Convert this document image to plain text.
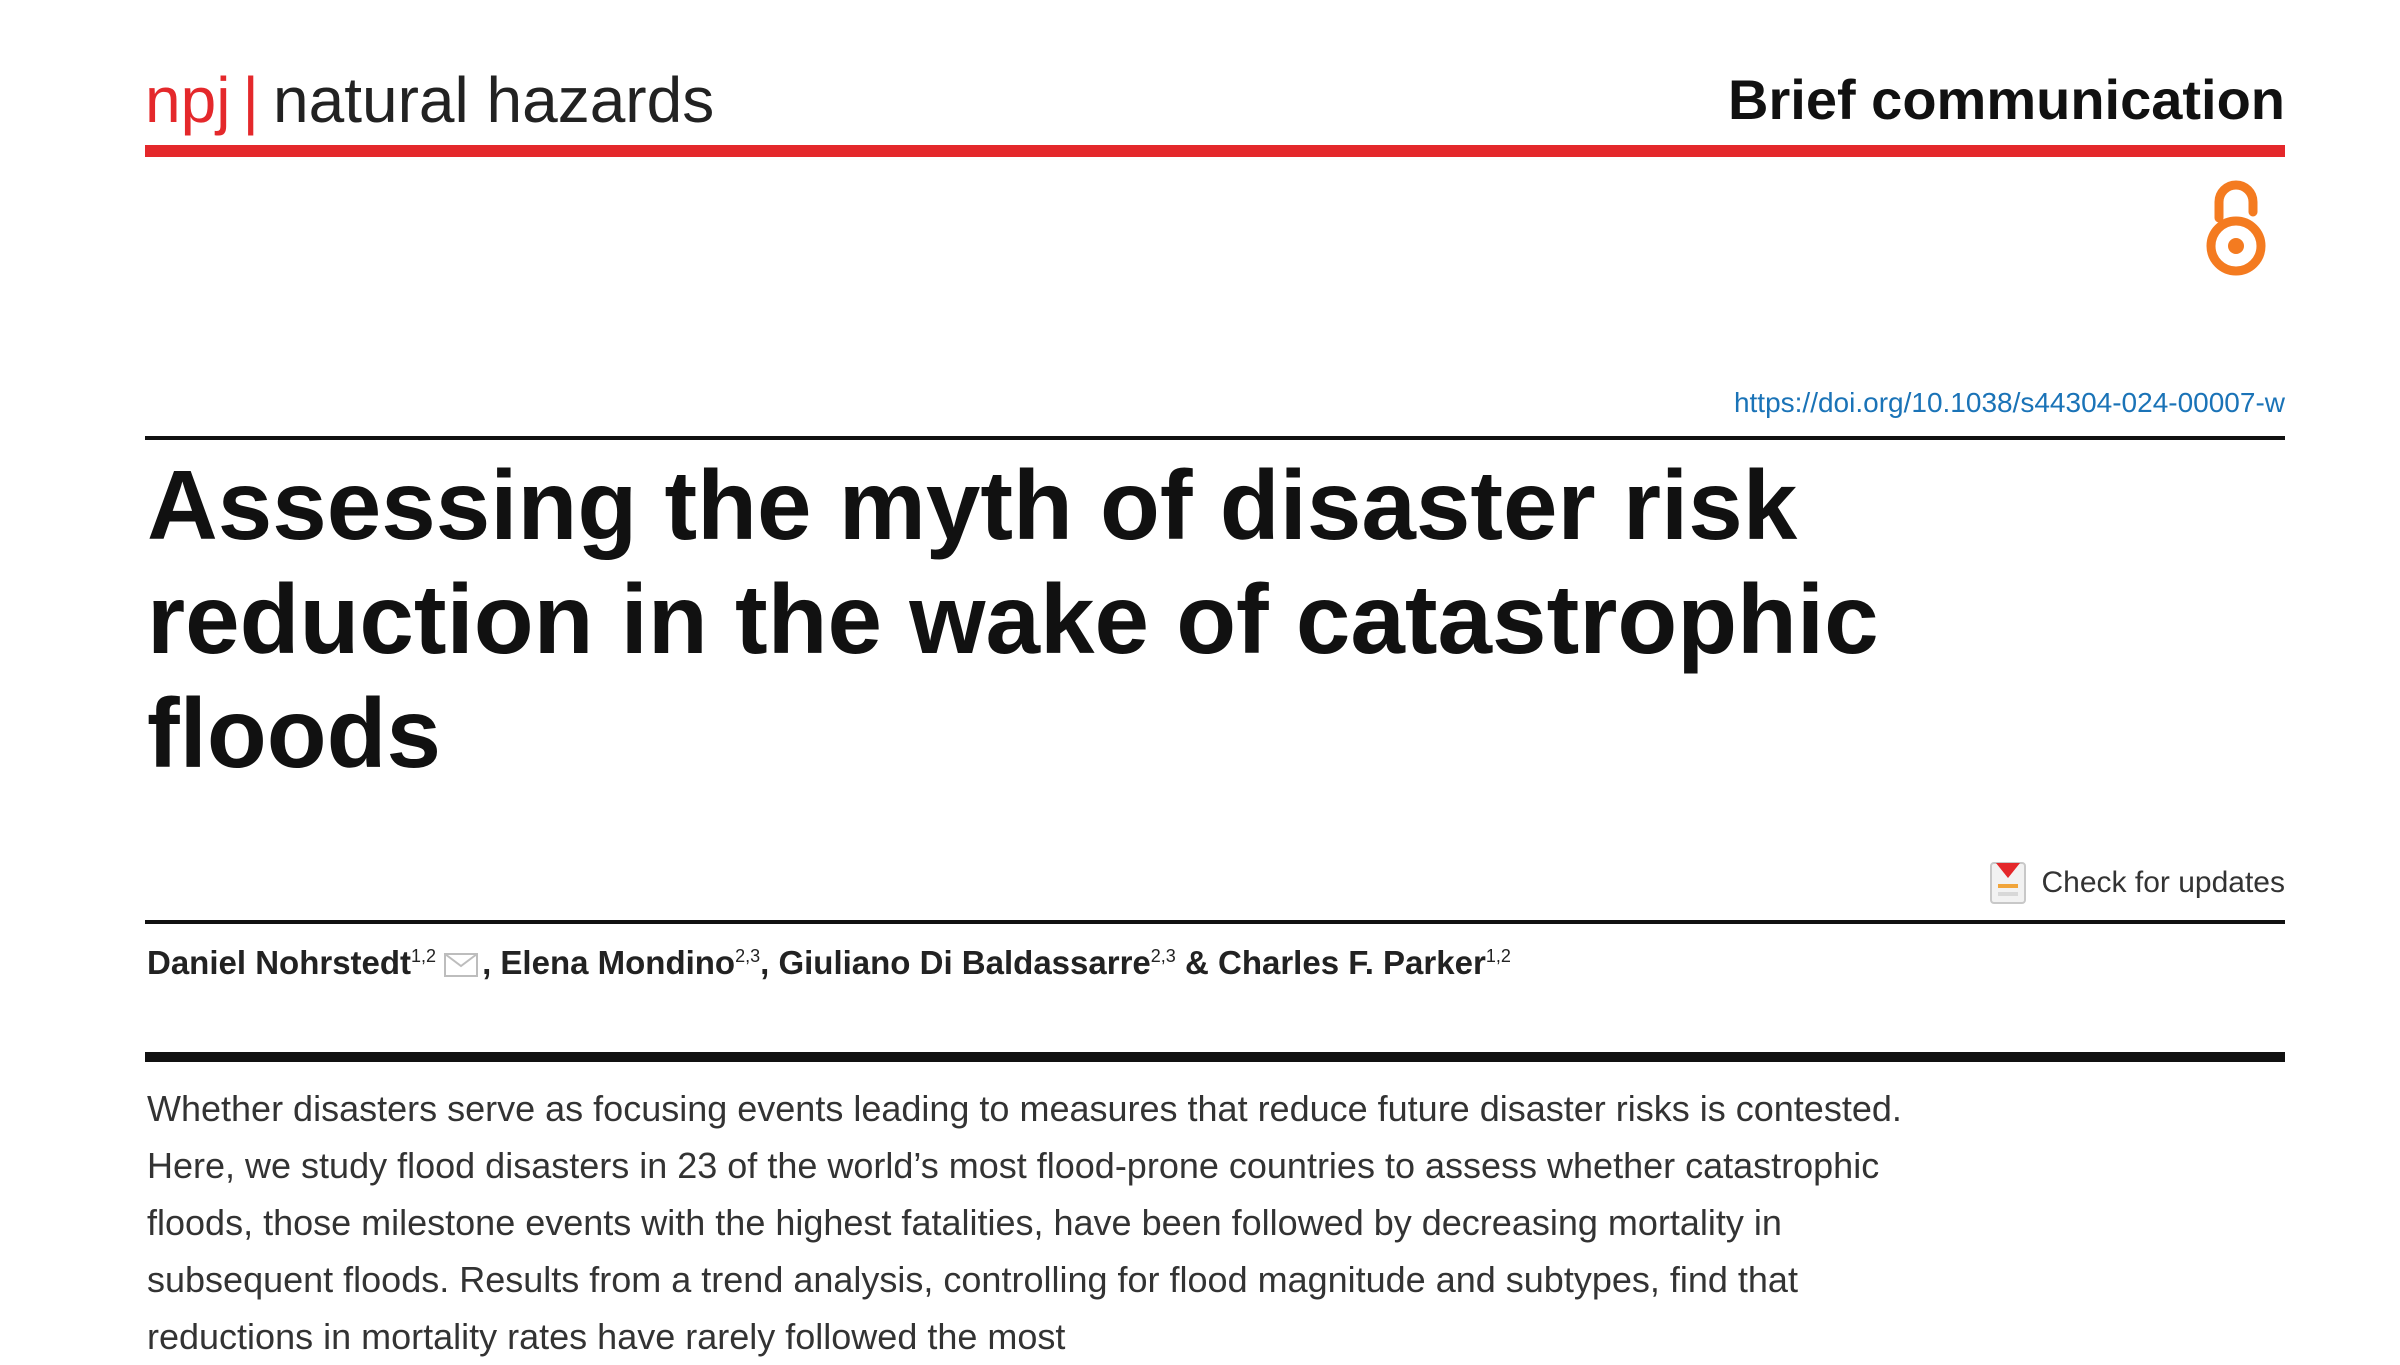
npj | natural hazards	Brief communication
https://doi.org/10.1038/s44304-024-00007-w
Assessing the myth of disaster risk reduction in the wake of catastrophic floods
Check for updates
Daniel Nohrstedt$^{1,2}$ , Elena Mondino$^{2,3}$, Giuliano Di Baldassarre$^{2,3}$ & Charles F. Parker$^{1,2}$

Whether disasters serve as focusing events leading to measures that reduce future disaster risks is contested. Here, we study flood disasters in 23 of the world’s most flood-prone countries to assess whether catastrophic floods, those milestone events with the highest fatalities, have been followed by decreasing mortality in subsequent floods. Results from a trend analysis, controlling for flood magnitude and subtypes, find that reductions in mortality rates have rarely followed the most
